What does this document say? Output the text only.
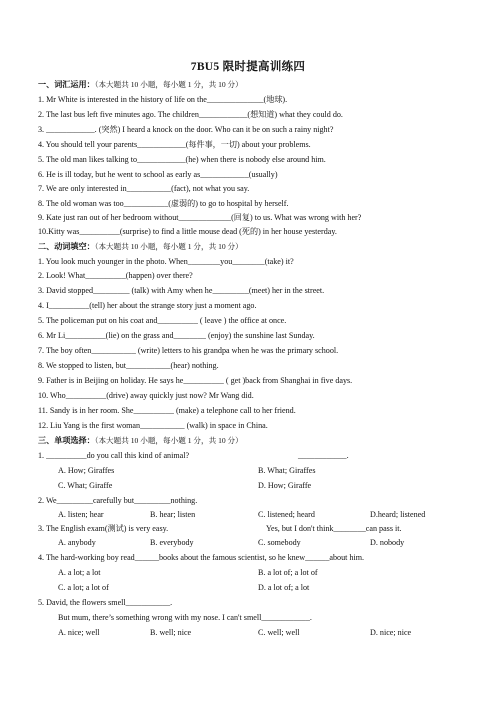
7BU5 限时提高训练四
一、词汇运用：（本大题共 10 小题，每小题 1 分，共 10 分）
1. Mr White is interested in the history of life on the______________(地球).
2. The last bus left five minutes ago. The children____________(想知道) what they could do.
3. ____________. (突然) I heard a knock on the door. Who can it be on such a rainy night?
4. You should tell your parents____________(每件事，一切) about your problems.
5. The old man likes talking to____________(he) when there is nobody else around him.
6. He is ill today, but he went to school as early as____________(usually)
7. We are only interested in___________(fact), not what you say.
8. The old woman was too___________(虚弱的) to go to hospital by herself.
9. Kate just ran out of her bedroom without_____________(回复) to us. What was wrong with her?
10.Kitty was__________(surprise) to find a little mouse dead (死的) in her house yesterday.
二、动词填空：（本大题共 10 小题，每小题 1 分，共 10 分）
1. You look much younger in the photo. When________you________(take) it?
2. Look! What__________(happen) over there?
3. David stopped_________ (talk) with Amy when he_________(meet) her in the street.
4. I__________(tell) her about the strange story just a moment ago.
5. The policeman put on his coat and__________ ( leave ) the office at once.
6. Mr Li__________(lie) on the grass and________ (enjoy) the sunshine last Sunday.
7. The boy often___________ (write) letters to his grandpa when he was the primary school.
8. We stopped to listen, but___________(hear) nothing.
9. Father is in Beijing on holiday. He says he__________ ( get )back from Shanghai in five days.
10. Who__________(drive) away quickly just now? Mr Wang did.
11. Sandy is in her room. She__________ (make) a telephone call to her friend.
12. Liu Yang is the first woman___________ (walk) in space in China.
三、单项选择：（本大题共 10 小题，每小题 1 分，共 10 分）
1. __________do you call this kind of animal?	____________.
A. How; Giraffes	B. What; Giraffes
C. What; Giraffe	D. How; Giraffe
2. We_________carefully but_________nothing.
A. listen; hear	B. hear; listen	C. listened; heard	D.heard; listened
3. The English exam(测试) is very easy.	Yes, but I don't think________can pass it.
A. anybody	B. everybody	C. somebody	D. nobody
4. The hard-working boy read______books about the famous scientist, so he knew______about him.
A. a lot; a lot	B. a lot of; a lot of
C. a lot; a lot of	D. a lot of; a lot
5. David, the flowers smell___________.
But mum, there’s something wrong with my nose. I can't smell____________.
A. nice; well	B. well; nice	C. well; well	D. nice; nice
